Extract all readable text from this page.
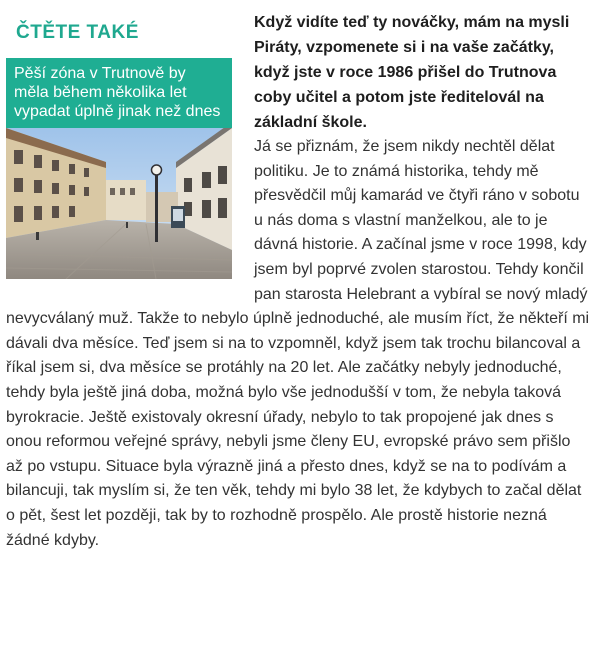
ČTĚTE TAKÉ
Pěší zóna v Trutnově by měla během několika let vypadat úplně jinak než dnes

Když vidíte teď ty nováčky, mám na mysli Piráty, vzpomenete si i na vaše začátky, když jste v roce 1986 přišel do Trutnova coby učitel a potom jste ředitelovál na základní škole.

Já se přiznám, že jsem nikdy nechtěl dělat politiku. Je to známá historika, tehdy mě přesvědčil můj kamarád ve čtyři ráno v sobotu u nás doma s vlastní manželkou, ale to je dávná historie. A začínal jsme v roce 1998, kdy jsem byl poprvé zvolen starostou. Tehdy končil pan starosta Helebrant a vybíral se nový mladý nevycválaný muž. Takže to nebylo úplně jednoduché, ale musím říct, že někteří mi dávali dva měsíce. Teď jsem si na to vzpomněl, když jsem tak trochu bilancoval a říkal jsem si, dva měsíce se protáhly na 20 let. Ale začátky nebyly jednoduché, tehdy byla ještě jiná doba, možná bylo vše jednodušší v tom, že nebyla taková byrokracie. Ještě existovaly okresní úřady, nebylo to tak propojené jak dnes s onou reformou veřejné správy, nebyli jsme členy EU, evropské právo sem přišlo až po vstupu. Situace byla výrazně jiná a přesto dnes, když se na to podívám a bilancuji, tak myslím si, že ten věk, tehdy mi bylo 38 let, že kdybych to začal dělat o pět, šest let později, tak by to rozhodně prospělo. Ale prostě historie nezná žádné kdyby.
